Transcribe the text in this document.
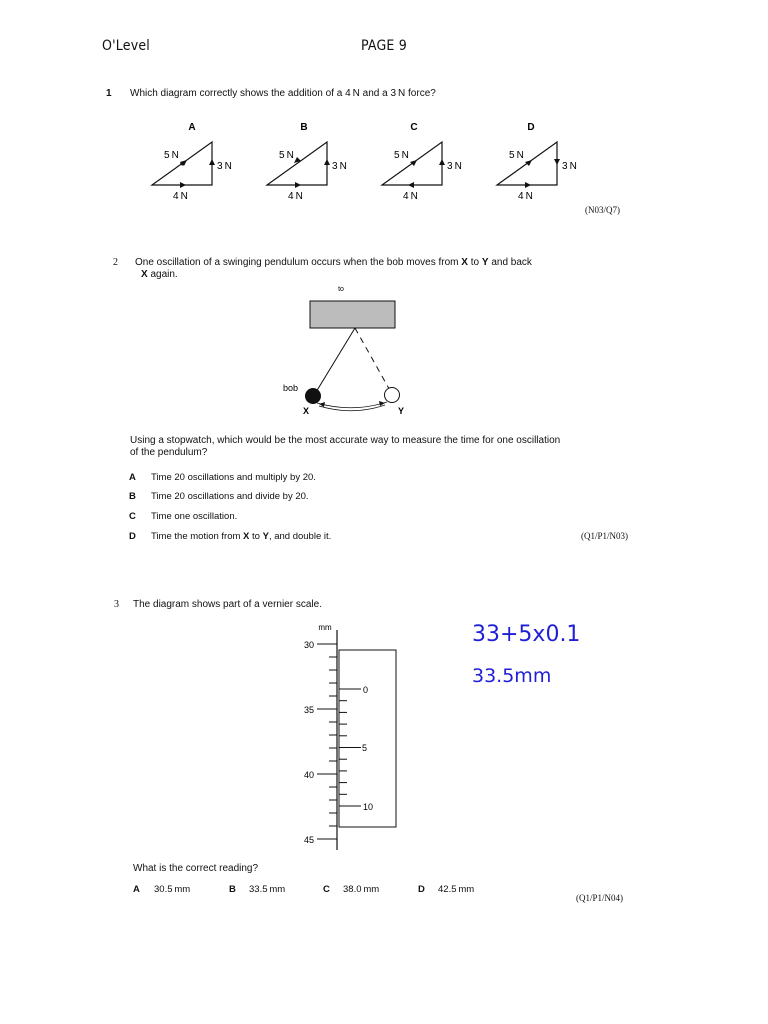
O'Level	PAGE 9
1 Which diagram correctly shows the addition of a 4 N and a 3 N force?
A
5 N
3 N
4 N
B
5 N
3 N
4 N
C
5 N
3 N
4 N
D
5 N
3 N
4 N
(N03/Q7)
2 One oscillation of a swinging pendulum occurs when the bob moves from X to Y and back
X again.
to
bob
X	Y
Using a stopwatch, which would be the most accurate way to measure the time for one oscillation
of the pendulum?
A Time 20 oscillations and multiply by 20.
B Time 20 oscillations and divide by 20.
C Time one oscillation.
D Time the motion from X to Y, and double it.	(Q1/P1/N03)
3 The diagram shows part of a vernier scale.
mm
30
35
40
45
0
5
10
33+5x0.1
33.5mm
What is the correct reading?
A 30.5 mm	B 33.5 mm	C 38.0 mm	D 42.5 mm
(Q1/P1/N04)
